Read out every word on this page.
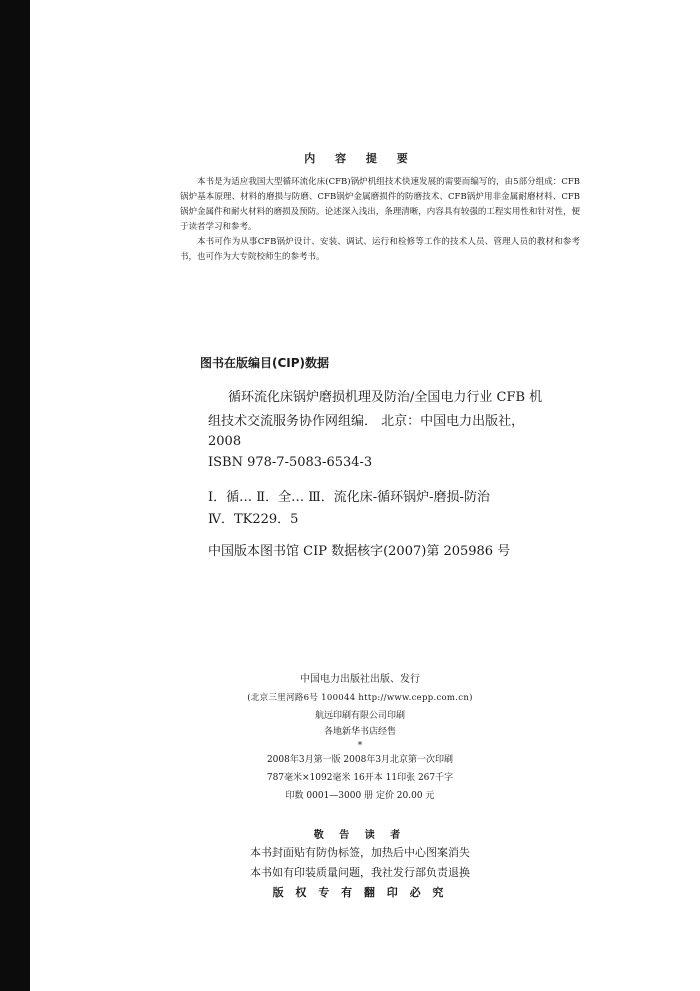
内 容 提 要

本书是为适应我国大型循环流化床(CFB)锅炉机组技术快速发展的需要而编写的，由5部分组成：CFB锅炉基本原理、材料的磨损与防磨、CFB锅炉金属磨损件的防磨技术、CFB锅炉用非金属耐磨材料、CFB锅炉金属件和耐火材料的磨损及预防。论述深入浅出，条理清晰，内容具有较强的工程实用性和针对性，便于读者学习和参考。

本书可作为从事CFB锅炉设计、安装、调试、运行和检修等工作的技术人员、管理人员的教材和参考书，也可作为大专院校师生的参考书。

图书在版编目(CIP)数据
循环流化床锅炉磨损机理及防治/全国电力行业 CFB 机
组技术交流服务协作网组编． 北京：中国电力出版社，
2008
ISBN 978-7-5083-6534-3
Ⅰ．循… Ⅱ．全… Ⅲ．流化床-循环锅炉-磨损-防治
Ⅳ．TK229．5
中国版本图书馆 CIP 数据核字(2007)第 205986 号
中国电力出版社出版、发行
(北京三里河路6号 100044 http://www.cepp.com.cn)
航远印刷有限公司印刷
各地新华书店经售
*
2008年3月第一版 2008年3月北京第一次印刷
787毫米×1092毫米 16开本 11印张 267千字
印数 0001—3000 册 定价 20.00 元
敬 告 读 者
本书封面贴有防伪标签，加热后中心图案消失
本书如有印装质量问题，我社发行部负责退换
版 权 专 有 翻 印 必 究
